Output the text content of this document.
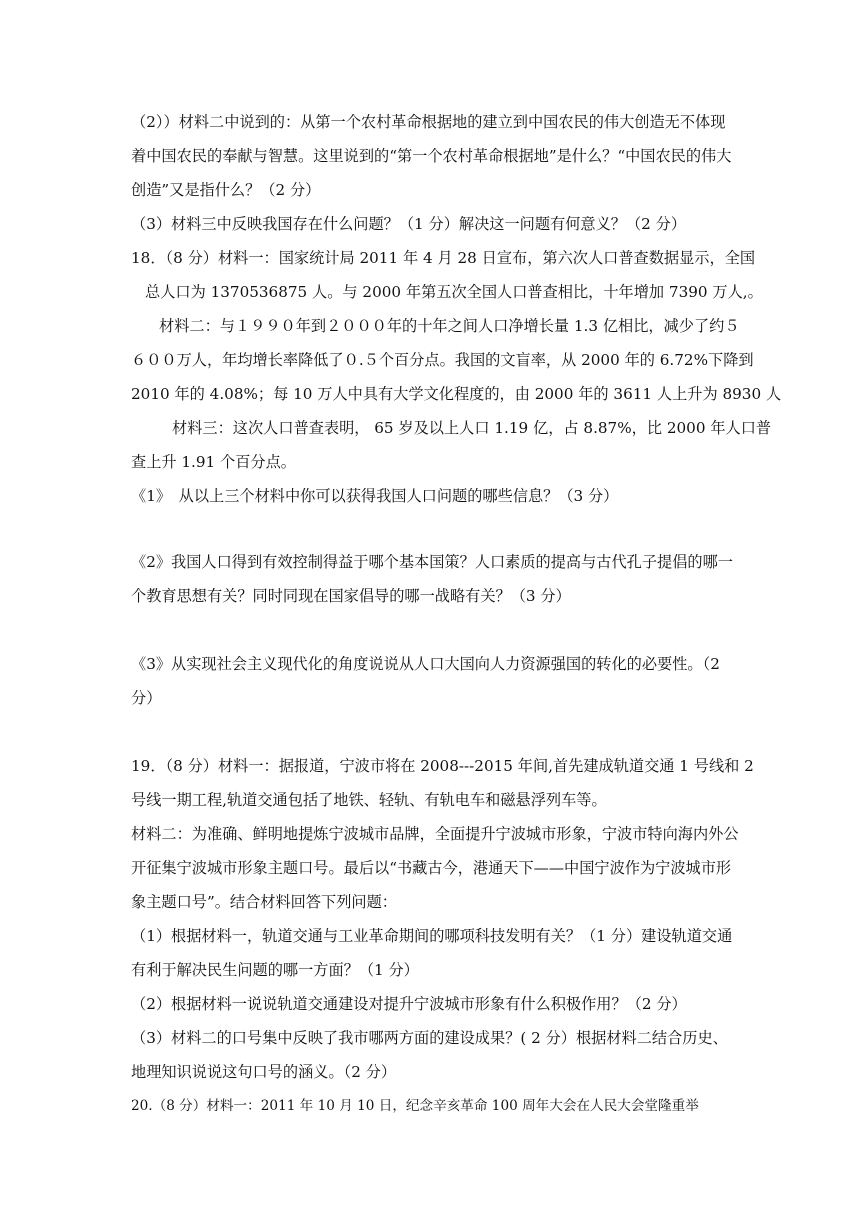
（2））材料二中说到的：从第一个农村革命根据地的建立到中国农民的伟大创造无不体现
着中国农民的奉献与智慧。这里说到的“第一个农村革命根据地”是什么？“中国农民的伟大
创造”又是指什么？（2 分）
（3）材料三中反映我国存在什么问题？（1 分）解决这一问题有何意义？（2 分）
18．（8 分）材料一：国家统计局 2011 年 4 月 28 日宣布，第六次人口普查数据显示，全国
总人口为 1370536875 人。与 2000 年第五次全国人口普查相比，十年增加 7390 万人,。
材料二：与１９９０年到２０００年的十年之间人口净增长量 1.3 亿相比，减少了约５
６００万人，年均增长率降低了０.５个百分点。我国的文盲率，从 2000 年的 6.72%下降到
2010 年的 4.08%；每 10 万人中具有大学文化程度的，由 2000 年的 3611 人上升为 8930 人
材料三：这次人口普查表明， 65 岁及以上人口 1.19 亿，占 8.87%，比 2000 年人口普
查上升 1.91 个百分点。
《1》　从以上三个材料中你可以获得我国人口问题的哪些信息？（3 分）
《2》我国人口得到有效控制得益于哪个基本国策？人口素质的提高与古代孔子提倡的哪一
个教育思想有关？同时同现在国家倡导的哪一战略有关？（3 分）
《3》从实现社会主义现代化的角度说说从人口大国向人力资源强国的转化的必要性。（2
分）
19．（8 分）材料一：据报道，宁波市将在 2008---2015 年间,首先建成轨道交通 1 号线和 2
号线一期工程,轨道交通包括了地铁、轻轨、有轨电车和磁悬浮列车等。
材料二：为准确、鲜明地提炼宁波城市品牌，全面提升宁波城市形象，宁波市特向海内外公
开征集宁波城市形象主题口号。最后以“书藏古今，港通天下——中国宁波作为宁波城市形
象主题口号”。结合材料回答下列问题：
（1）根据材料一，轨道交通与工业革命期间的哪项科技发明有关？（1 分）建设轨道交通
有利于解决民生问题的哪一方面？（1 分）
（2）根据材料一说说轨道交通建设对提升宁波城市形象有什么积极作用？（2 分）
（3）材料二的口号集中反映了我市哪两方面的建设成果？( 2 分）根据材料二结合历史、
地理知识说说这句口号的涵义。（2 分）
20.（8 分）材料一：2011 年 10 月 10 日，纪念辛亥革命 100 周年大会在人民大会堂隆重举
